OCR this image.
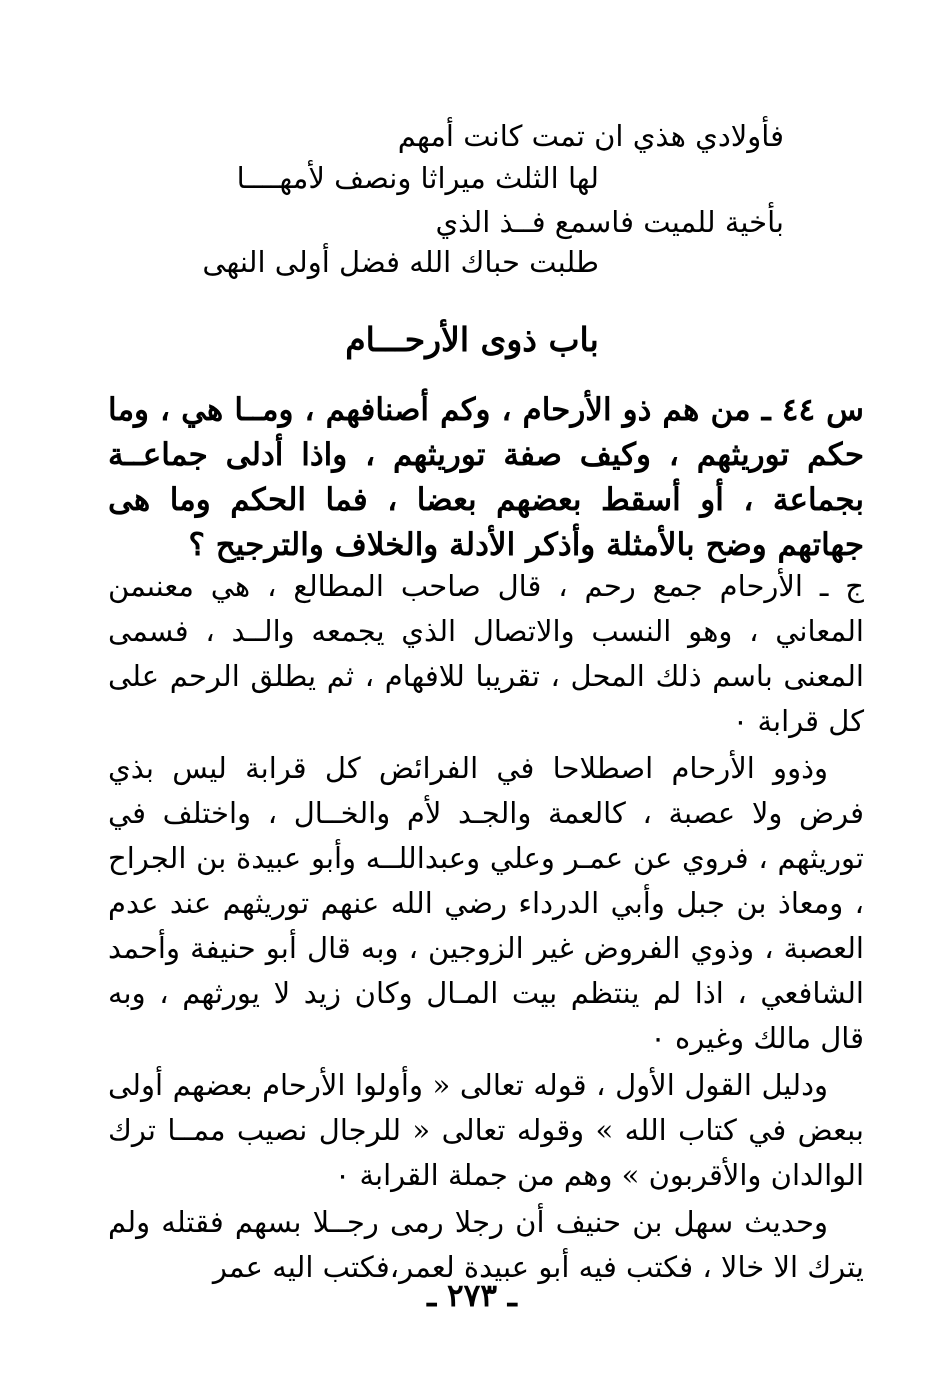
فأولادي هذي ان تمت كانت أمهم
لها الثلث ميراثا ونصف لأمهــــا
بأخية للميت فاسمع فــذ الذي
طلبت حباك الله فضل أولى النهى
باب ذوى الأرحـــام
س ٤٤ ـ من هم ذو الأرحام ، وكم أصنافهم ، ومــا هي ، وما حكم توريثهم ، وكيف صفة توريثهم ، واذا أدلى جماعــة بجماعة ، أو أسقط بعضهم بعضا ، فما الحكم وما هى جهاتهم وضح بالأمثلة وأذكر الأدلة والخلاف والترجيح ؟

ج ـ الأرحام جمع رحم ، قال صاحب المطالع ، هي معنىمن المعاني ، وهو النسب والاتصال الذي يجمعه والــد ، فسمى المعنى باسم ذلك المحل ، تقريبا للافهام ، ثم يطلق الرحم على كل قرابة ٠

وذوو الأرحام اصطلاحا في الفرائض كل قرابة ليس بذي فرض ولا عصبة ، كالعمة والجـد لأم والخــال ، واختلف في توريثهم ، فروي عن عمـر وعلي وعبداللــه وأبو عبيدة بن الجراح ، ومعاذ بن جبل وأبي الدرداء رضي الله عنهم توريثهم عند عدم العصبة ، وذوي الفروض غير الزوجين ، وبه قال أبو حنيفة وأحمد الشافعي ، اذا لم ينتظم بيت المـال وكان زيد لا يورثهم ، وبه قال مالك وغيره ٠

ودليل القول الأول ، قوله تعالى « وأولوا الأرحام بعضهم أولى ببعض في كتاب الله » وقوله تعالى « للرجال نصيب ممــا ترك الوالدان والأقربون » وهم من جملة القرابة ٠

وحديث سهل بن حنيف أن رجلا رمى رجــلا بسهم فقتله ولم يترك الا خالا ، فكتب فيه أبو عبيدة لعمر،فكتب اليه عمر

ـ ٢٧٣ ـ
